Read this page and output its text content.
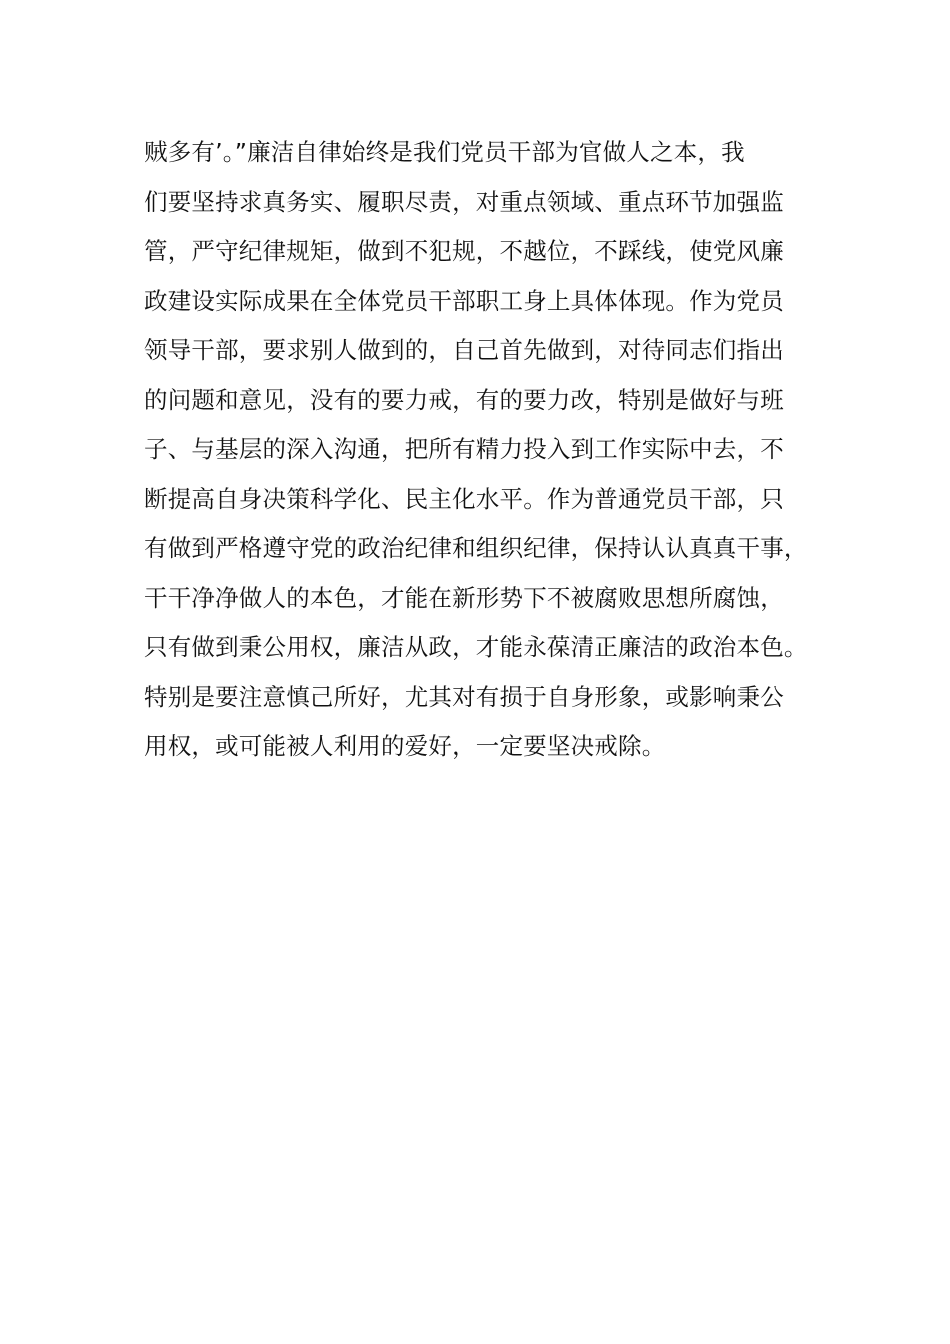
贼多有’。”廉洁自律始终是我们党员干部为官做人之本，我
们要坚持求真务实、履职尽责，对重点领域、重点环节加强监
管，严守纪律规矩，做到不犯规，不越位，不踩线，使党风廉
政建设实际成果在全体党员干部职工身上具体体现。作为党员
领导干部，要求别人做到的，自己首先做到，对待同志们指出
的问题和意见，没有的要力戒，有的要力改，特别是做好与班
子、与基层的深入沟通，把所有精力投入到工作实际中去，不
断提高自身决策科学化、民主化水平。作为普通党员干部，只
有做到严格遵守党的政治纪律和组织纪律，保持认认真真干事，
干干净净做人的本色，才能在新形势下不被腐败思想所腐蚀，
只有做到秉公用权，廉洁从政，才能永葆清正廉洁的政治本色。
特别是要注意慎己所好，尤其对有损于自身形象，或影响秉公
用权，或可能被人利用的爱好，一定要坚决戒除。
